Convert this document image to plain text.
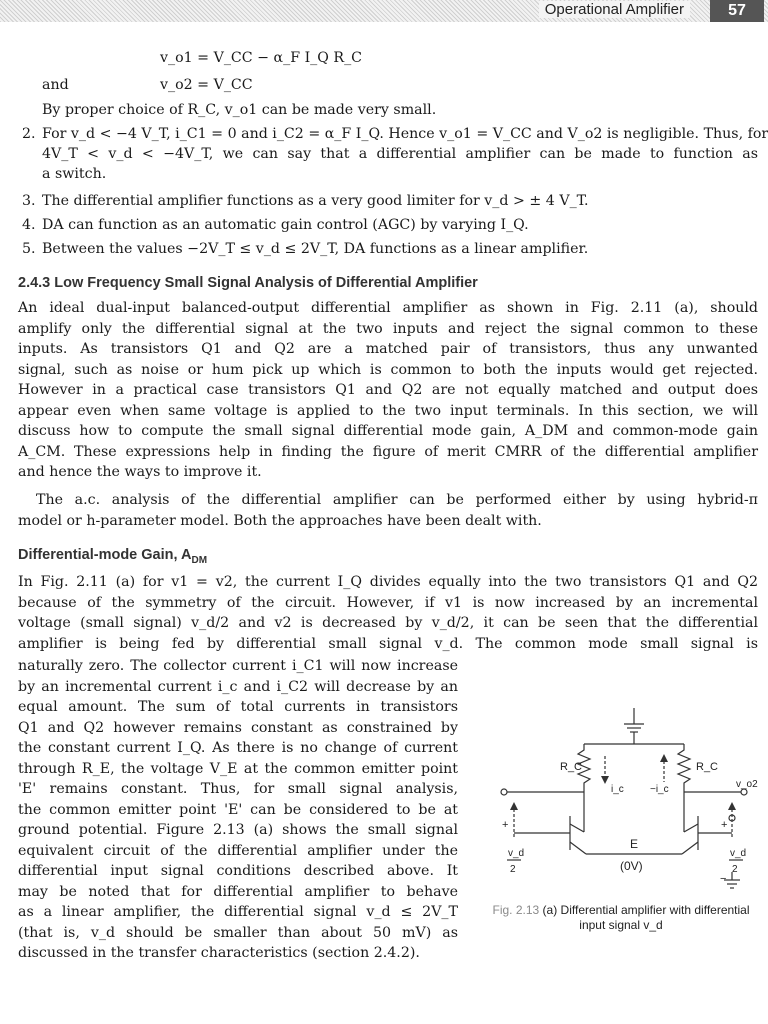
Operational Amplifier	57
v_o1 = V_CC − α_F I_Q R_C
and	v_o2 = V_CC
By proper choice of R_C, v_o1 can be made very small.
2. For v_d < −4 V_T, i_C1 = 0 and i_C2 = α_F I_Q. Hence v_o1 = V_CC and V_o2 is negligible. Thus, for
4V_T < v_d < −4V_T, we can say that a differential amplifier can be made to function as
a switch.
3. The differential amplifier functions as a very good limiter for v_d > ± 4 V_T.
4. DA can function as an automatic gain control (AGC) by varying I_Q.
5. Between the values −2V_T ≤ v_d ≤ 2V_T, DA functions as a linear amplifier.
2.4.3 Low Frequency Small Signal Analysis of Differential Amplifier
An ideal dual-input balanced-output differential amplifier as shown in Fig. 2.11 (a), should
amplify only the differential signal at the two inputs and reject the signal common to these
inputs. As transistors Q1 and Q2 are a matched pair of transistors, thus any unwanted
signal, such as noise or hum pick up which is common to both the inputs would get rejected.
However in a practical case transistors Q1 and Q2 are not equally matched and output does
appear even when same voltage is applied to the two input terminals. In this section, we will
discuss how to compute the small signal differential mode gain, A_DM and common-mode gain
A_CM. These expressions help in finding the figure of merit CMRR of the differential amplifier
and hence the ways to improve it.
The a.c. analysis of the differential amplifier can be performed either by using hybrid-π
model or h-parameter model. Both the approaches have been dealt with.
Differential-mode Gain, $A_{DM}$
In Fig. 2.11 (a) for v1 = v2, the current I_Q divides equally into the two transistors Q1 and Q2
because of the symmetry of the circuit. However, if v1 is now increased by an incremental
voltage (small signal) v_d/2 and v2 is decreased by v_d/2, it can be seen that the differential
amplifier is being fed by differential small signal v_d. The common mode small signal is
naturally zero. The collector current i_C1 will now increase
by an incremental current i_c and i_C2 will decrease by an
equal amount. The sum of total currents in transistors
Q1 and Q2 however remains constant as constrained by
the constant current I_Q. As there is no change of current
through R_E, the voltage V_E at the common emitter point
'E' remains constant. Thus, for small signal analysis,
the common emitter point 'E' can be considered to be at
ground potential. Figure 2.13 (a) shows the small signal
equivalent circuit of the differential amplifier under the
differential input signal conditions described above. It
may be noted that for differential amplifier to behave
as a linear amplifier, the differential signal v_d ≤ 2V_T
(that is, v_d should be smaller than about 50 mV) as
discussed in the transfer characteristics (section 2.4.2).
R_C	R_C
i_c	−i_c	v_o2
+
v_d
2
+
v_d
2
−
E
(0V)
Fig. 2.13 (a) Differential amplifier with differential input signal v_d
